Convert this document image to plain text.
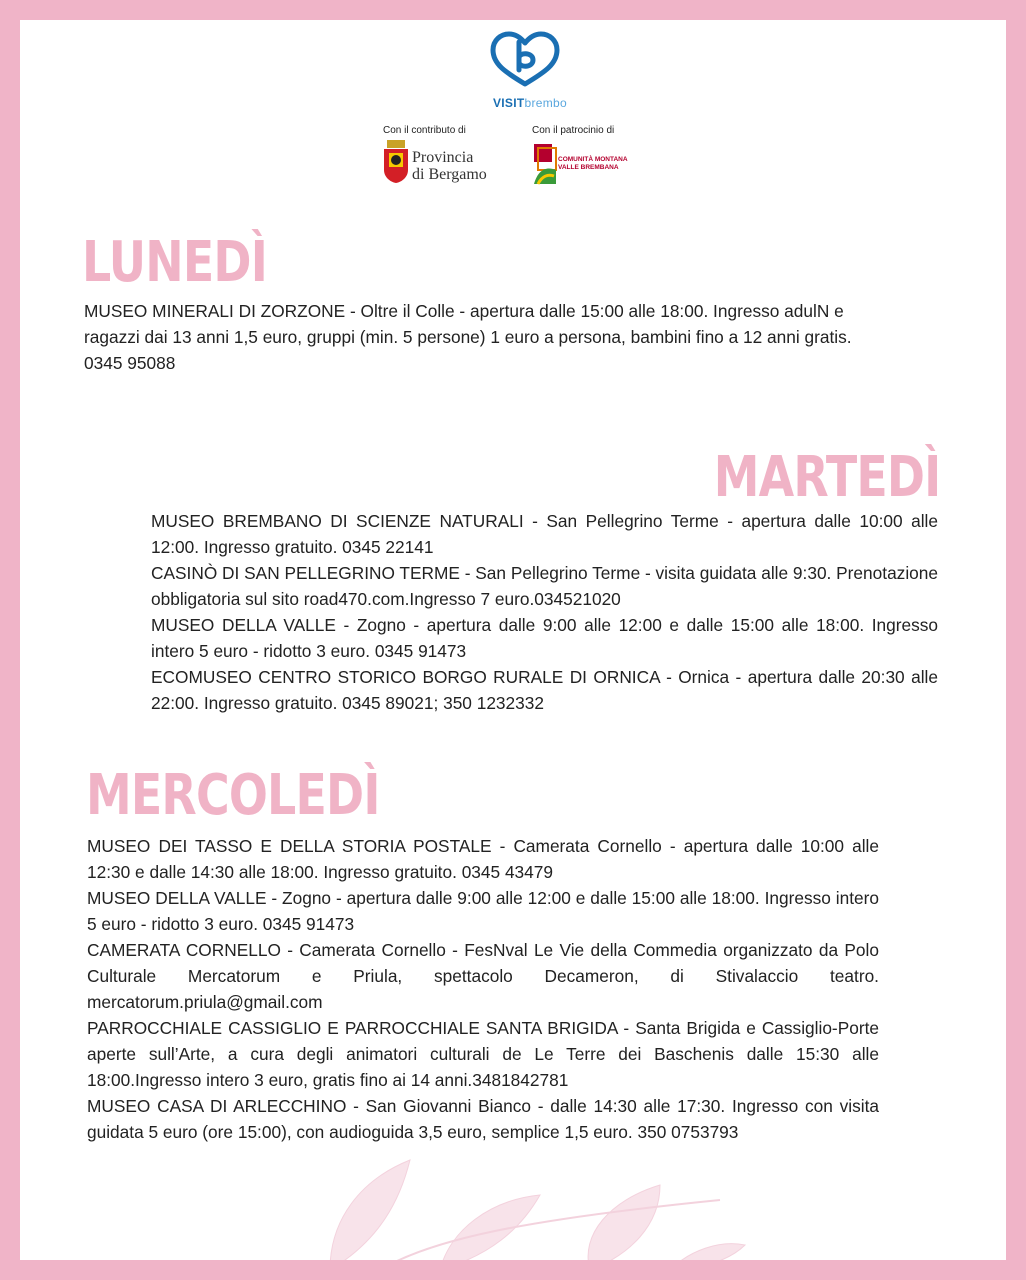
VISITbrembo
Con il contributo di
Provincia
di Bergamo
Con il patrocinio di
COMUNITÀ MONTANA
VALLE BREMBANA
LUNEDÌ

MUSEO MINERALI DI ZORZONE - Oltre il Colle - apertura dalle 15:00 alle 18:00. Ingresso adulN e ragazzi dai 13 anni 1,5 euro, gruppi (min. 5 persone) 1 euro a persona, bambini fino a 12 anni gratis. 0345 95088

MARTEDÌ

MUSEO BREMBANO DI SCIENZE NATURALI - San Pellegrino Terme - apertura dalle 10:00 alle 12:00. Ingresso gratuito. 0345 22141

CASINÒ DI SAN PELLEGRINO TERME - San Pellegrino Terme - visita guidata alle 9:30. Prenotazione obbligatoria sul sito road470.com.Ingresso 7 euro.034521020

MUSEO DELLA VALLE - Zogno - apertura dalle 9:00 alle 12:00 e dalle 15:00 alle 18:00. Ingresso intero 5 euro - ridotto 3 euro. 0345 91473

ECOMUSEO CENTRO STORICO BORGO RURALE DI ORNICA - Ornica - apertura dalle 20:30 alle 22:00. Ingresso gratuito. 0345 89021; 350 1232332

MERCOLEDÌ

MUSEO DEI TASSO E DELLA STORIA POSTALE - Camerata Cornello - apertura dalle 10:00 alle 12:30 e dalle 14:30 alle 18:00. Ingresso gratuito. 0345 43479

MUSEO DELLA VALLE - Zogno - apertura dalle 9:00 alle 12:00 e dalle 15:00 alle 18:00. Ingresso intero 5 euro - ridotto 3 euro. 0345 91473

CAMERATA CORNELLO - Camerata Cornello - FesNval Le Vie della Commedia organizzato da Polo Culturale Mercatorum e Priula, spettacolo Decameron, di Stivalaccio teatro. mercatorum.priula@gmail.com

PARROCCHIALE CASSIGLIO E PARROCCHIALE SANTA BRIGIDA - Santa Brigida e Cassiglio-Porte aperte sull’Arte, a cura degli animatori culturali de Le Terre dei Baschenis dalle 15:30 alle 18:00.Ingresso intero 3 euro, gratis fino ai 14 anni.3481842781

MUSEO CASA DI ARLECCHINO - San Giovanni Bianco - dalle 14:30 alle 17:30. Ingresso con visita guidata 5 euro (ore 15:00), con audioguida 3,5 euro, semplice 1,5 euro. 350 0753793
